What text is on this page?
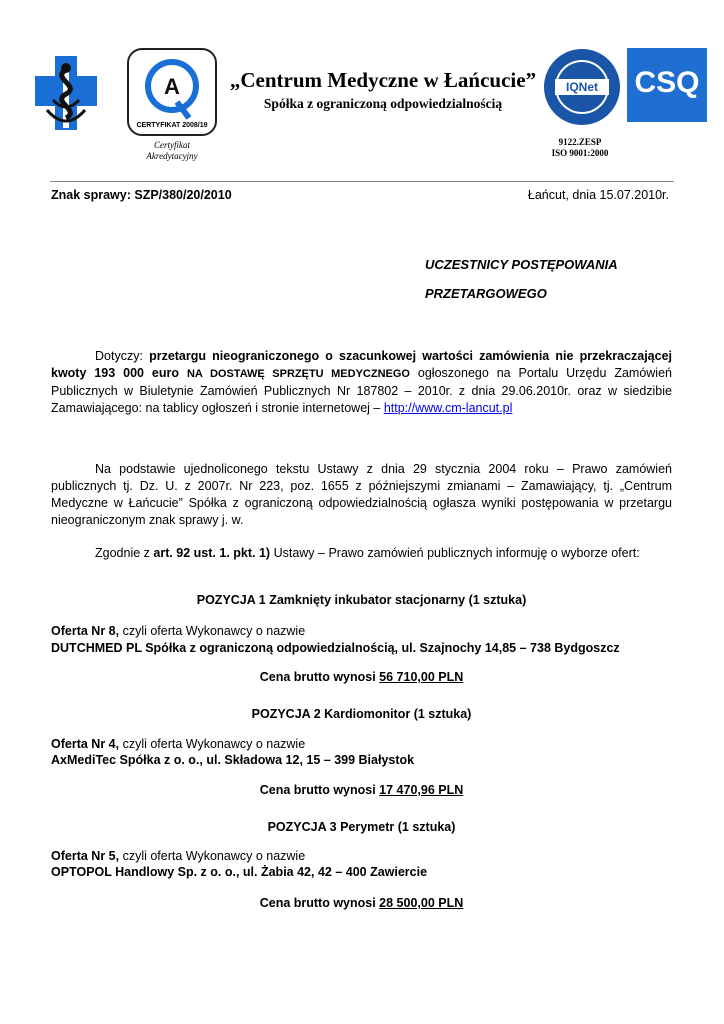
A
CERTYFIKAT 2008/19
Certyfikat
Akredytacyjny
„Centrum Medyczne w Łańcucie”
Spółka z ograniczoną odpowiedzialnością
IQNet	CSQ
9122.ZESP
ISO 9001:2000
Znak sprawy: SZP/380/20/2010	Łańcut, dnia 15.07.2010r.
UCZESTNICY POSTĘPOWANIA
PRZETARGOWEGO
Dotyczy: przetargu nieograniczonego o szacunkowej wartości zamówienia nie przekraczającej kwoty 193 000 euro NA DOSTAWĘ SPRZĘTU MEDYCZNEGO ogłoszonego na Portalu Urzędu Zamówień Publicznych w Biuletynie Zamówień Publicznych Nr 187802 – 2010r. z dnia 29.06.2010r. oraz w siedzibie Zamawiającego: na tablicy ogłoszeń i stronie internetowej – http://www.cm-lancut.pl
Na podstawie ujednoliconego tekstu Ustawy z dnia 29 stycznia 2004 roku – Prawo zamówień publicznych tj. Dz. U. z 2007r. Nr 223, poz. 1655 z późniejszymi zmianami – Zamawiający, tj. „Centrum Medyczne w Łańcucie” Spółka z ograniczoną odpowiedzialnością ogłasza wyniki postępowania w przetargu nieograniczonym znak sprawy j. w.
Zgodnie z art. 92 ust. 1. pkt. 1) Ustawy – Prawo zamówień publicznych informuję o wyborze ofert:
POZYCJA 1 Zamknięty inkubator stacjonarny (1 sztuka)
Oferta Nr 8, czyli oferta Wykonawcy o nazwie
DUTCHMED PL Spółka z ograniczoną odpowiedzialnością, ul. Szajnochy 14,85 – 738 Bydgoszcz
Cena brutto wynosi 56 710,00 PLN
POZYCJA 2 Kardiomonitor (1 sztuka)
Oferta Nr 4, czyli oferta Wykonawcy o nazwie
AxMediTec Spółka z o. o., ul. Składowa 12, 15 – 399 Białystok
Cena brutto wynosi 17 470,96 PLN
POZYCJA 3 Perymetr (1 sztuka)
Oferta Nr 5, czyli oferta Wykonawcy o nazwie
OPTOPOL Handlowy Sp. z o. o., ul. Żabia 42, 42 – 400 Zawiercie
Cena brutto wynosi 28 500,00 PLN
